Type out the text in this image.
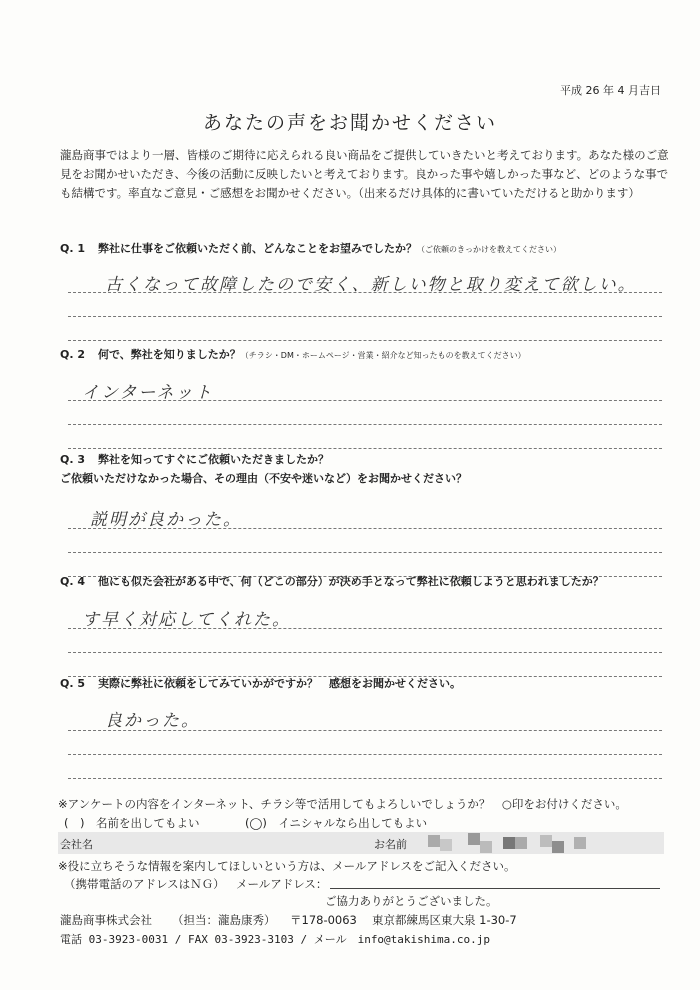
平成 26 年 4 月吉日
あなたの声をお聞かせください
瀧島商事ではより一層、皆様のご期待に応えられる良い商品をご提供していきたいと考えております。あなた様のご意見をお聞かせいただき、今後の活動に反映したいと考えております。良かった事や嬉しかった事など、どのような事でも結構です。率直なご意見・ご感想をお聞かせください。（出来るだけ具体的に書いていただけると助かります）
Q. 1 弊社に仕事をご依頼いただく前、どんなことをお望みでしたか？（ご依頼のきっかけを教えてください）
古くなって故障したので安く、新しい物と取り変えて欲しい。
Q. 2 何で、弊社を知りましたか？（チラシ・DM・ホームページ・営業・紹介など知ったものを教えてください）
インターネット
Q. 3 弊社を知ってすぐにご依頼いただきましたか？
ご依頼いただけなかった場合、その理由（不安や迷いなど）をお聞かせください？
説明が良かった。
Q. 4 他にも似た会社がある中で、何（どこの部分）が決め手となって弊社に依頼しようと思われましたか？
す早く対応してくれた。
Q. 5 実際に弊社に依頼をしてみていかがですか？　感想をお聞かせください。
良かった。
※アンケートの内容をインターネット、チラシ等で活用してもよろしいでしょうか？　○印をお付けください。
(　)　名前を出してもよい	(◯)　イニシャルなら出してもよい
会社名	お名前
※役に立ちそうな情報を案内してほしいという方は、メールアドレスをご記入ください。
（携帯電話のアドレスはＮＧ） メールアドレス：
ご協力ありがとうございました。
瀧島商事株式会社 （担当：瀧島康秀） 〒178-0063 東京都練馬区東大泉 1-30-7
電話 03-3923-0031 / FAX 03-3923-3103 / メール　info@takishima.co.jp
